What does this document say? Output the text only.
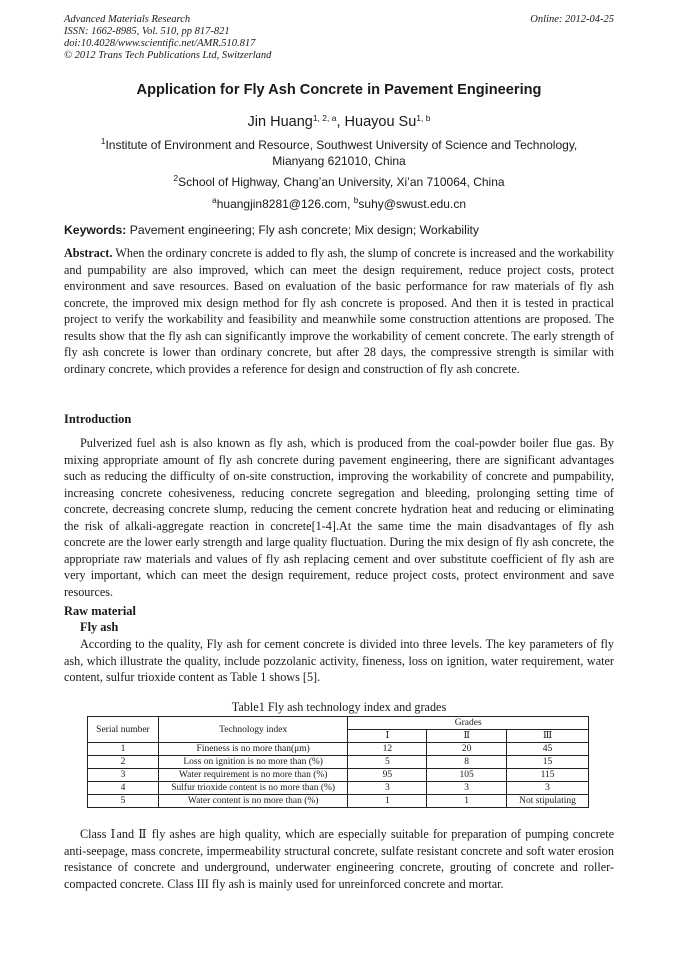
Advanced Materials Research
ISSN: 1662-8985, Vol. 510, pp 817-821
doi:10.4028/www.scientific.net/AMR.510.817
© 2012 Trans Tech Publications Ltd, Switzerland
Online: 2012-04-25
Application for Fly Ash Concrete in Pavement Engineering
Jin Huang$^{1, 2, a}$, Huayou Su$^{1, b}$
$^1$Institute of Environment and Resource, Southwest University of Science and Technology,
Mianyang 621010, China
$^2$School of Highway, Chang’an University, Xi’an 710064, China
$^a$huangjin8281@126.com, $^b$suhy@swust.edu.cn
Keywords: Pavement engineering; Fly ash concrete; Mix design; Workability
Abstract. When the ordinary concrete is added to fly ash, the slump of concrete is increased and the workability and pumpability are also improved, which can meet the design requirement, reduce project costs, protect environment and save resources. Based on evaluation of the basic performance for raw materials of fly ash concrete, the improved mix design method for fly ash concrete is proposed. And then it is tested in practical project to verify the workability and feasibility and meanwhile some construction attentions are proposed. The results show that the fly ash can significantly improve the workability of cement concrete. The early strength of fly ash concrete is lower than ordinary concrete, but after 28 days, the compressive strength is similar with ordinary concrete, which provides a reference for design and construction of fly ash concrete.
Introduction
Pulverized fuel ash is also known as fly ash, which is produced from the coal-powder boiler flue gas. By mixing appropriate amount of fly ash concrete during pavement engineering, there are significant advantages such as reducing the difficulty of on-site construction, improving the workability of concrete and pumpability, increasing concrete cohesiveness, reducing concrete segregation and bleeding, prolonging setting time of concrete, decreasing concrete slump, reducing the cement concrete hydration heat and reducing or eliminating the risk of alkali-aggregate reaction in concrete[1-4].At the same time the main disadvantages of fly ash concrete are the lower early strength and large quality fluctuation. During the mix design of fly ash concrete, the appropriate raw materials and values of fly ash replacing cement and over substitute coefficient of fly ash are very important, which can meet the design requirement, reduce project costs, protect environment and save resources.
Raw material
Fly ash
According to the quality, Fly ash for cement concrete is divided into three levels. The key parameters of fly ash, which illustrate the quality, include pozzolanic activity, fineness, loss on ignition, water requirement, water content, sulfur trioxide content as Table 1 shows [5].
Table1 Fly ash technology index and grades
Serial number	Technology index	Grades		
		Ⅰ	Ⅱ	Ⅲ
1	Fineness is no more than(μm)	12	20	45
2	Loss on ignition is no more than (%)	5	8	15
3	Water requirement is no more than (%)	95	105	115
4	Sulfur trioxide content is no more than (%)	3	3	3
5	Water content is no more than (%)	1	1	Not stipulating
Class Ⅰand Ⅱ fly ashes are high quality, which are especially suitable for preparation of pumping concrete anti-seepage, mass concrete, impermeability structural concrete, sulfate resistant concrete and soft water erosion resistance of concrete and underground, underwater engineering concrete, grouting of concrete and roller-compacted concrete. Class III fly ash is mainly used for unreinforced concrete and mortar.
